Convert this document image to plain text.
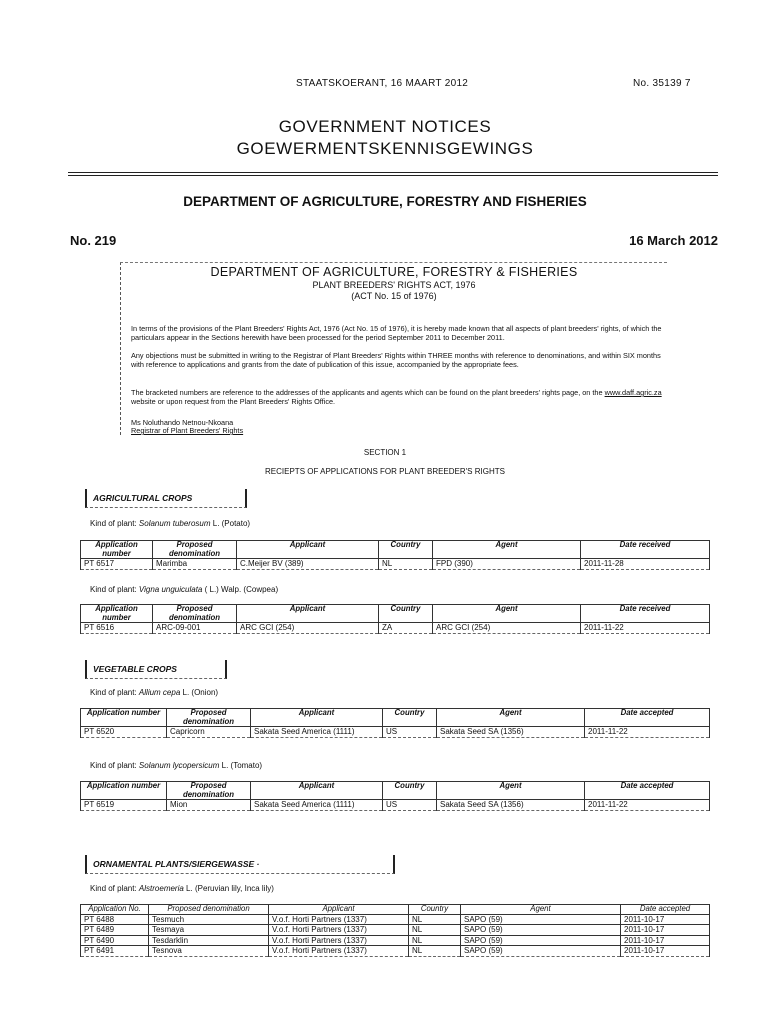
STAATSKOERANT, 16 MAART 2012	No. 35139 7
GOVERNMENT NOTICES
GOEWERMENTSKENNISGEWINGS
DEPARTMENT OF AGRICULTURE, FORESTRY AND FISHERIES
No. 219	16 March 2012
DEPARTMENT OF AGRICULTURE, FORESTRY & FISHERIES
PLANT BREEDERS' RIGHTS ACT, 1976
(ACT No. 15 of 1976)
In terms of the provisions of the Plant Breeders' Rights Act, 1976 (Act No. 15 of 1976), it is hereby made known that all aspects of plant breeders' rights, of which the particulars appear in the Sections herewith have been processed for the period September 2011 to December 2011.
Any objections must be submitted in writing to the Registrar of Plant Breeders' Rights within THREE months with reference to denominations, and within SIX months with reference to applications and grants from the date of publication of this issue, accompanied by the appropriate fees.
The bracketed numbers are reference to the addresses of the applicants and agents which can be found on the plant breeders' rights page, on the www.daff.agric.za website or upon request from the Plant Breeders' Rights Office.
Ms Noluthando Netnou-Nkoana
Registrar of Plant Breeders' Rights
SECTION 1
RECIEPTS OF APPLICATIONS FOR PLANT BREEDER'S RIGHTS
AGRICULTURAL CROPS
Kind of plant: Solanum tuberosum L. (Potato)
Application number	Proposed denomination	Applicant	Country	Agent	Date received
PT 6517	Marimba	C.Meijer BV (389)	NL	FPD (390)	2011-11-28
Kind of plant: Vigna unguiculata ( L.) Walp. (Cowpea)
Application number	Proposed denomination	Applicant	Country	Agent	Date received
PT 6516	ARC-09-001	ARC GCI (254)	ZA	ARC GCI (254)	2011-11-22
VEGETABLE CROPS
Kind of plant: Allium cepa L. (Onion)
Application number	Proposed denomination	Applicant	Country	Agent	Date accepted
PT 6520	Capricorn	Sakata Seed America (1111)	US	Sakata Seed SA (1356)	2011-11-22
Kind of plant: Solanum lycopersicum L. (Tomato)
Application number	Proposed denomination	Applicant	Country	Agent	Date accepted
PT 6519	Mion	Sakata Seed America (1111)	US	Sakata Seed SA (1356)	2011-11-22
ORNAMENTAL PLANTS/SIERGEWASSE ·
Kind of plant: Alstroemeria L. (Peruvian lily, Inca lily)
Application No.	Proposed denomination	Applicant	Country	Agent	Date accepted
PT 6488	Tesmuch	V.o.f. Horti Partners (1337)	NL	SAPO (59)	2011-10-17
PT 6489	Tesmaya	V.o.f. Horti Partners (1337)	NL	SAPO (59)	2011-10-17
PT 6490	Tesdarklin	V.o.f. Horti Partners (1337)	NL	SAPO (59)	2011-10-17
PT 6491	Tesnova	V.o.f. Horti Partners (1337)	NL	SAPO (59)	2011-10-17
